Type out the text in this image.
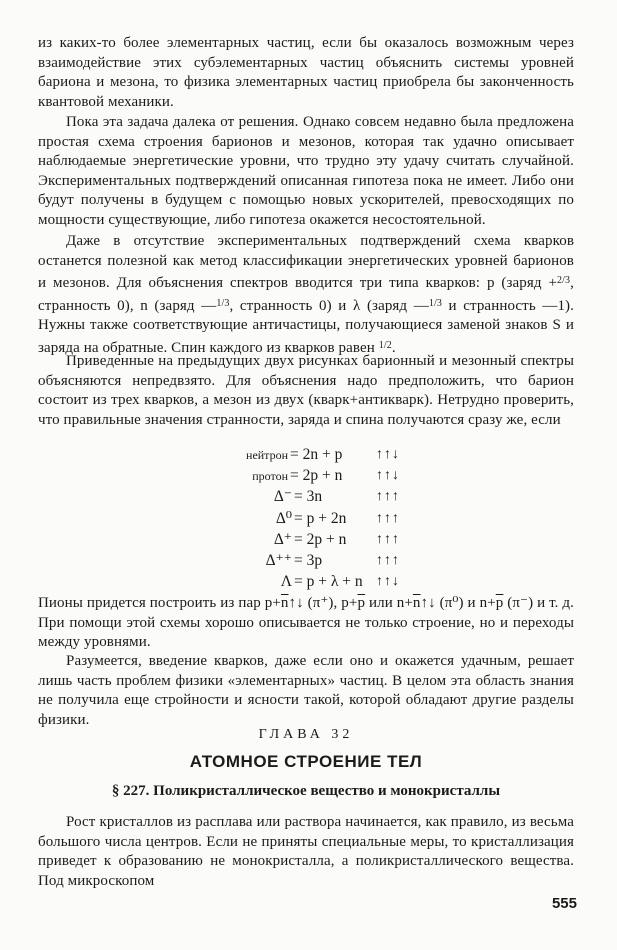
из каких-то более элементарных частиц, если бы оказалось возможным через взаимодействие этих субэлементарных частиц объяснить системы уровней бариона и мезона, то физика элементарных частиц приобрела бы законченность квантовой механики.

Пока эта задача далека от решения. Однако совсем недавно была предложена простая схема строения барионов и мезонов, которая так удачно описывает наблюдаемые энергетические уровни, что трудно эту удачу считать случайной. Экспериментальных подтверждений описанная гипотеза пока не имеет. Либо они будут получены в будущем с помощью новых ускорителей, превосходящих по мощности существующие, либо гипотеза окажется несостоятельной.

Даже в отсутствие экспериментальных подтверждений схема кварков останется полезной как метод классификации энергетических уровней барионов и мезонов. Для объяснения спектров вводится три типа кварков: p (заряд +$^{2/3}$, странность 0), n (заряд —$^{1/3}$, странность 0) и λ (заряд —$^{1/3}$ и странность —1). Нужны также соответствующие античастицы, получающиеся заменой знаков S и заряда на обратные. Спин каждого из кварков равен $^{1/2}$.

Приведенные на предыдущих двух рисунках барионный и мезонный спектры объясняются непредвзято. Для объяснения надо предположить, что барион состоит из трех кварков, а мезон из двух (кварк+антикварк). Нетрудно проверить, что правильные значения странности, заряда и спина получаются сразу же, если

нейтрон = 2n + p ↑↑↓
протон = 2p + n ↑↑↓
Δ⁻ = 3n	↑↑↑
Δ⁰ = p + 2n ↑↑↑
Δ⁺ = 2p + n ↑↑↑
Δ⁺⁺ = 3p	↑↑↑
Λ = p + λ + n ↑↑↓

Пионы придется построить из пар $p+\overline{n}↑↓$ (π⁺), $p+\overline{p}$ или $n+\overline{n}↑↓$ (π⁰) и $n+\overline{p}$ (π⁻) и т. д. При помощи этой схемы хорошо описывается не только строение, но и переходы между уровнями.

Разумеется, введение кварков, даже если оно и окажется удачным, решает лишь часть проблем физики «элементарных» частиц. В целом эта область знания не получила еще стройности и ясности такой, которой обладают другие разделы физики.

ГЛАВА 32
АТОМНОЕ СТРОЕНИЕ ТЕЛ
§ 227. Поликристаллическое вещество и монокристаллы

Рост кристаллов из расплава или раствора начинается, как правило, из весьма большого числа центров. Если не приняты специальные меры, то кристаллизация приведет к образованию не монокристалла, а поликристаллического вещества. Под микроскопом

555
